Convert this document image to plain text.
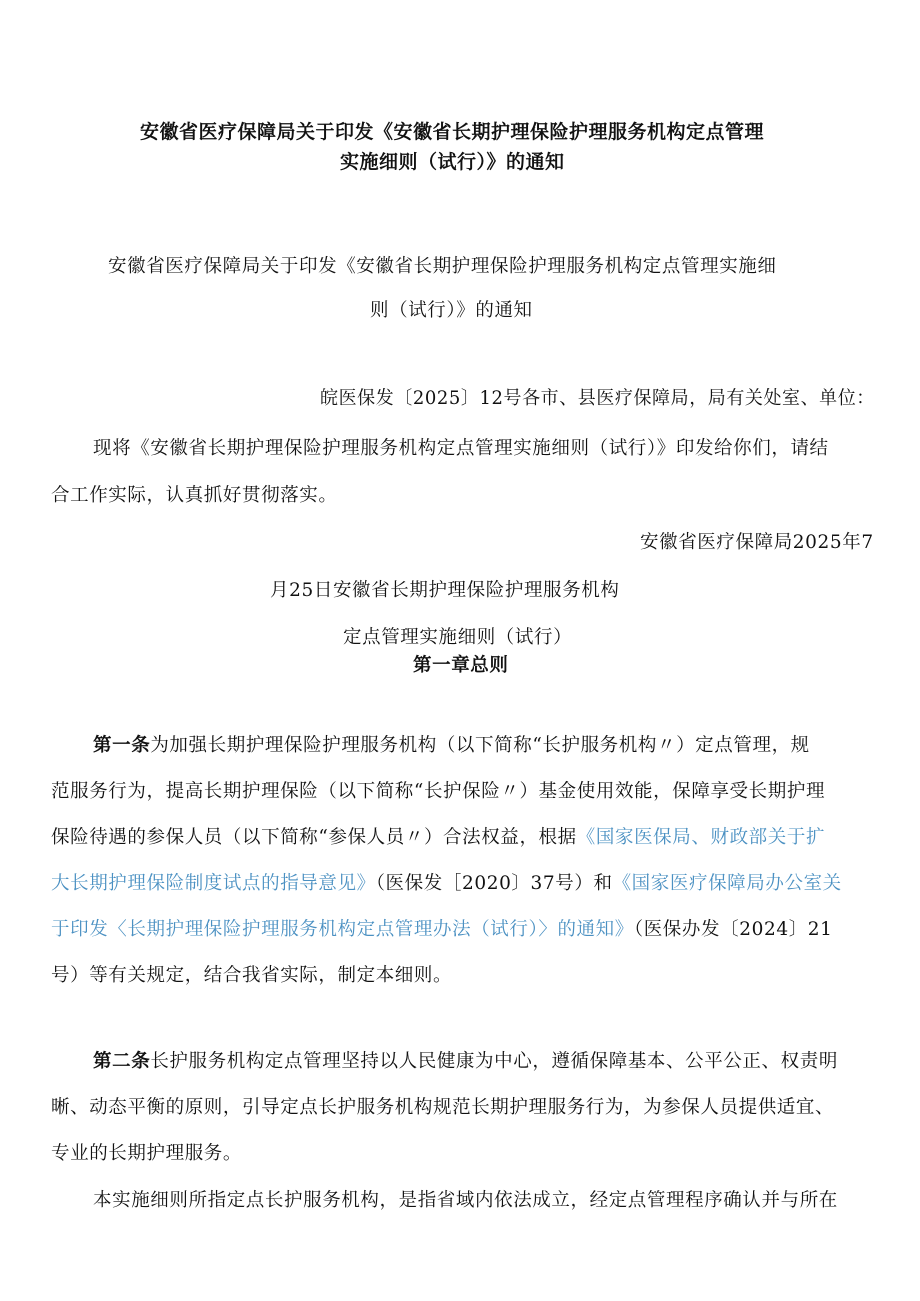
安徽省医疗保障局关于印发《安徽省长期护理保险护理服务机构定点管理
实施细则（试行）》的通知
安徽省医疗保障局关于印发《安徽省长期护理保险护理服务机构定点管理实施细
则（试行）》的通知
皖医保发〔2025〕12号各市、县医疗保障局，局有关处室、单位：
现将《安徽省长期护理保险护理服务机构定点管理实施细则（试行）》印发给你们，请结
合工作实际，认真抓好贯彻落实。
安徽省医疗保障局2025年7
月25日安徽省长期护理保险护理服务机构
定点管理实施细则（试行）
第一章总则
第一条为加强长期护理保险护理服务机构（以下简称“长护服务机构〃）定点管理，规
范服务行为，提高长期护理保险（以下简称“长护保险〃）基金使用效能，保障享受长期护理
保险待遇的参保人员（以下简称“参保人员〃）合法权益，根据《国家医保局、财政部关于扩
大长期护理保险制度试点的指导意见》（医保发［2020〕37号）和《国家医疗保障局办公室关
于印发〈长期护理保险护理服务机构定点管理办法（试行）〉的通知》（医保办发〔2024〕21
号）等有关规定，结合我省实际，制定本细则。
第二条长护服务机构定点管理坚持以人民健康为中心，遵循保障基本、公平公正、权责明
晰、动态平衡的原则，引导定点长护服务机构规范长期护理服务行为，为参保人员提供适宜、
专业的长期护理服务。
本实施细则所指定点长护服务机构，是指省域内依法成立，经定点管理程序确认并与所在
